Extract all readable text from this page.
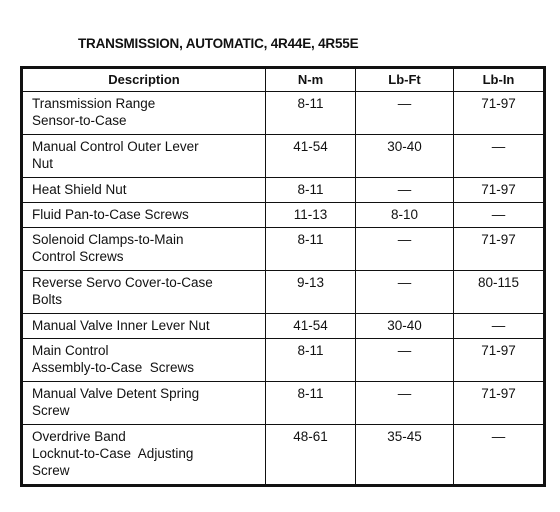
TRANSMISSION, AUTOMATIC, 4R44E, 4R55E
Description	N-m	Lb-Ft	Lb-In

Transmission Range
Sensor-to-Case	8-11	—	71-97

Manual Control Outer Lever
Nut	41-54	30-40	—

Heat Shield Nut	8-11	—	71-97

Fluid Pan-to-Case Screws	11-13	8-10	—

Solenoid Clamps-to-Main
Control Screws	8-11	—	71-97

Reverse Servo Cover-to-Case
Bolts	9-13	—	80-115

Manual Valve Inner Lever Nut	41-54	30-40	—

Main Control
Assembly-to-Case  Screws	8-11	—	71-97

Manual Valve Detent Spring
Screw	8-11	—	71-97

Overdrive Band
Locknut-to-Case  Adjusting
Screw	48-61	35-45	—
